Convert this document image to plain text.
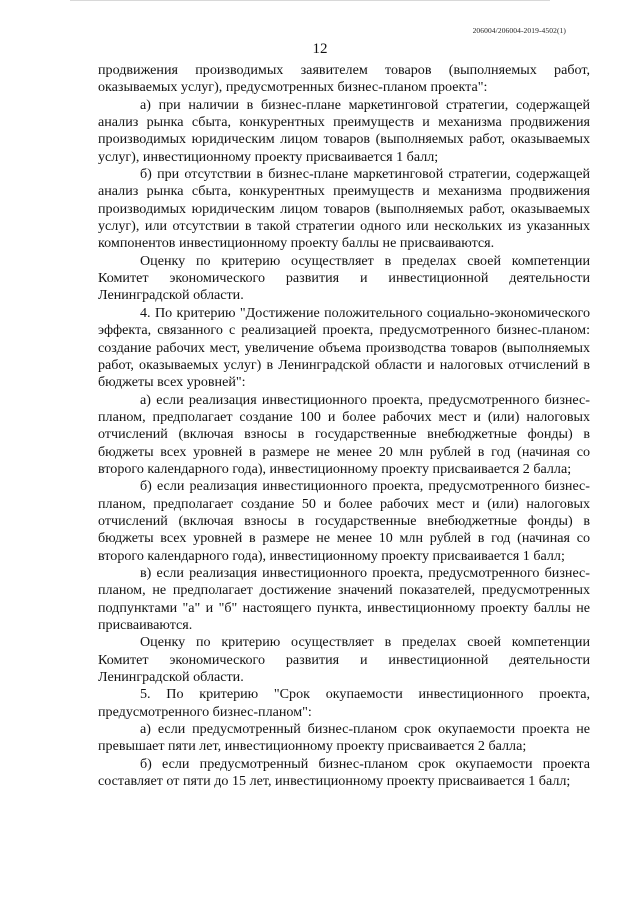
206004/206004-2019-4502(1)
12

продвижения производимых заявителем товаров (выполняемых работ, оказываемых услуг), предусмотренных бизнес-планом проекта":

а) при наличии в бизнес-плане маркетинговой стратегии, содержащей анализ рынка сбыта, конкурентных преимуществ и механизма продвижения производимых юридическим лицом товаров (выполняемых работ, оказываемых услуг), инвестиционному проекту присваивается 1 балл;

б) при отсутствии в бизнес-плане маркетинговой стратегии, содержащей анализ рынка сбыта, конкурентных преимуществ и механизма продвижения производимых юридическим лицом товаров (выполняемых работ, оказываемых услуг), или отсутствии в такой стратегии одного или нескольких из указанных компонентов инвестиционному проекту баллы не присваиваются.

Оценку по критерию осуществляет в пределах своей компетенции Комитет экономического развития и инвестиционной деятельности Ленинградской области.

4. По критерию "Достижение положительного социально-экономического эффекта, связанного с реализацией проекта, предусмотренного бизнес-планом: создание рабочих мест, увеличение объема производства товаров (выполняемых работ, оказываемых услуг) в Ленинградской области и налоговых отчислений в бюджеты всех уровней":

а) если реализация инвестиционного проекта, предусмотренного бизнес-планом, предполагает создание 100 и более рабочих мест и (или) налоговых отчислений (включая взносы в государственные внебюджетные фонды) в бюджеты всех уровней в размере не менее 20 млн рублей в год (начиная со второго календарного года), инвестиционному проекту присваивается 2 балла;

б) если реализация инвестиционного проекта, предусмотренного бизнес-планом, предполагает создание 50 и более рабочих мест и (или) налоговых отчислений (включая взносы в государственные внебюджетные фонды) в бюджеты всех уровней в размере не менее 10 млн рублей в год (начиная со второго календарного года), инвестиционному проекту присваивается 1 балл;

в) если реализация инвестиционного проекта, предусмотренного бизнес-планом, не предполагает достижение значений показателей, предусмотренных подпунктами "а" и "б" настоящего пункта, инвестиционному проекту баллы не присваиваются.

Оценку по критерию осуществляет в пределах своей компетенции Комитет экономического развития и инвестиционной деятельности Ленинградской области.

5. По критерию "Срок окупаемости инвестиционного проекта, предусмотренного бизнес-планом":

а) если предусмотренный бизнес-планом срок окупаемости проекта не превышает пяти лет, инвестиционному проекту присваивается 2 балла;

б) если предусмотренный бизнес-планом срок окупаемости проекта составляет от пяти до 15 лет, инвестиционному проекту присваивается 1 балл;
